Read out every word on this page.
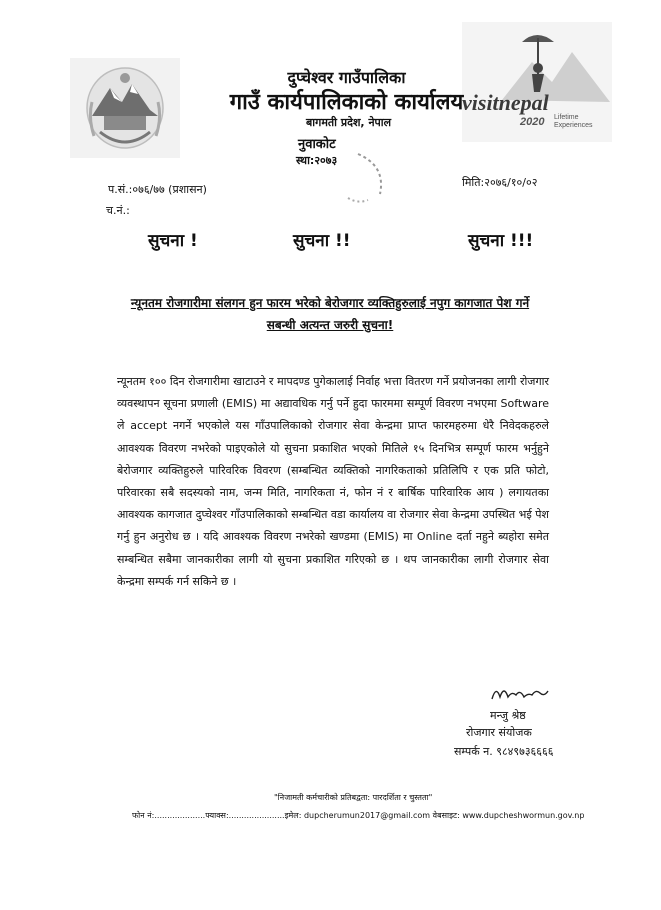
visitnepal
2020 Lifetime
Experiences
दुप्चेश्वर गाउँपालिका
गाउँ कार्यपालिकाको कार्यालय
बागमती प्रदेश, नेपाल
नुवाकोट
स्था:२०७३
प.सं.:०७६/७७ (प्रशासन)
च.नं.:
मिति:२०७६/१०/०२
सुचना !	सुचना !!	सुचना !!!
न्यूनतम रोजगारीमा संलगन हुन फारम भरेको बेरोजगार व्यक्तिहुरुलाई नपुग कागजात पेश गर्ने सबन्धी अत्यन्त जरुरी सुचना!
न्यूनतम १०० दिन रोजगारीमा खाटाउने र मापदण्ड पुगेकालाई निर्वाह भत्ता वितरण गर्ने प्रयोजनका लागी रोजगार व्यवस्थापन सूचना प्रणाली (EMIS) मा अद्यावधिक गर्नु पर्ने हुदा फारममा सम्पूर्ण विवरण नभएमा Software ले accept नगर्ने भएकोले यस गाँउपालिकाको रोजगार सेवा केन्द्रमा प्राप्त फारमहरुमा धेरै निवेदकहरुले आवश्यक विवरण नभरेको पाइएकोले यो सुचना प्रकाशित भएको मितिले १५ दिनभित्र सम्पूर्ण फारम भर्नुहुने बेरोजगार व्यक्तिहुरुले पारिवरिक विवरण (सम्बन्धित व्यक्तिको नागरिकताको प्रतिलिपि र एक प्रति फोटो, परिवारका सबै सदस्यको नाम, जन्म मिति, नागरिकता नं, फोन नं र बार्षिक पारिवारिक आय ) लगायतका आवश्यक कागजात दुप्चेश्वर गाँउपालिकाको सम्बन्धित वडा कार्यालय वा रोजगार सेवा केन्द्रमा उपस्थित भई पेश गर्नु हुन अनुरोध छ । यदि आवश्यक विवरण नभरेको खण्डमा (EMIS) मा Online दर्ता नहुने ब्यहोरा समेत सम्बन्धित सबैमा जानकारीका लागी यो सुचना प्रकाशित गरिएको छ । थप जानकारीका लागी रोजगार सेवा केन्द्रमा सम्पर्क गर्न सकिने छ ।
मन्जु श्रेष्ठ
रोजगार संयोजक
सम्पर्क न. ९८४९७३६६६६
"निजामती कर्मचारीको प्रतिबद्वता: पारदर्शिता र चुस्तता"
फोन नं:....................फ्याक्स:......................इमेल: dupcherumun2017@gmail.com वेबसाइट: www.dupcheshwormun.gov.np
